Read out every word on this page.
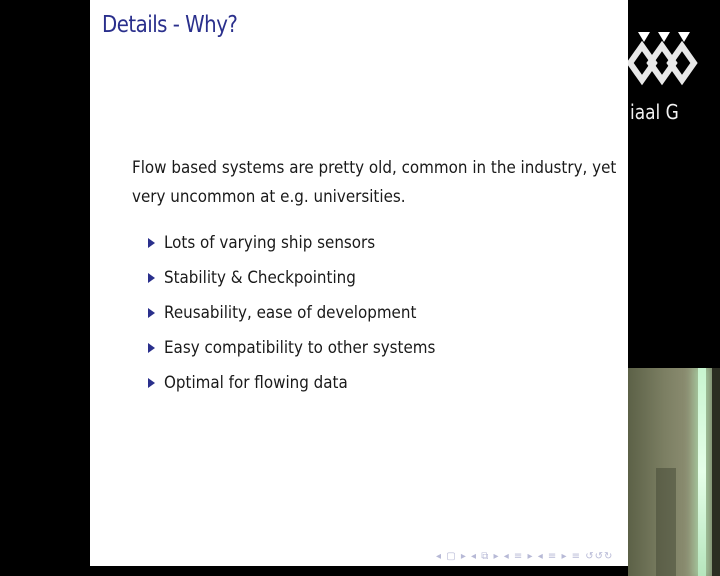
Details - Why?
Flow based systems are pretty old, common in the industry, yet
very uncommon at e.g. universities.
Lots of varying ship sensors
Stability & Checkpointing
Reusability, ease of development
Easy compatibility to other systems
Optimal for flowing data
◂ ▢ ▸ ◂ ⧉ ▸ ◂ ≡ ▸ ◂ ≡ ▸ ≡ ↺↺↻
iaal G
